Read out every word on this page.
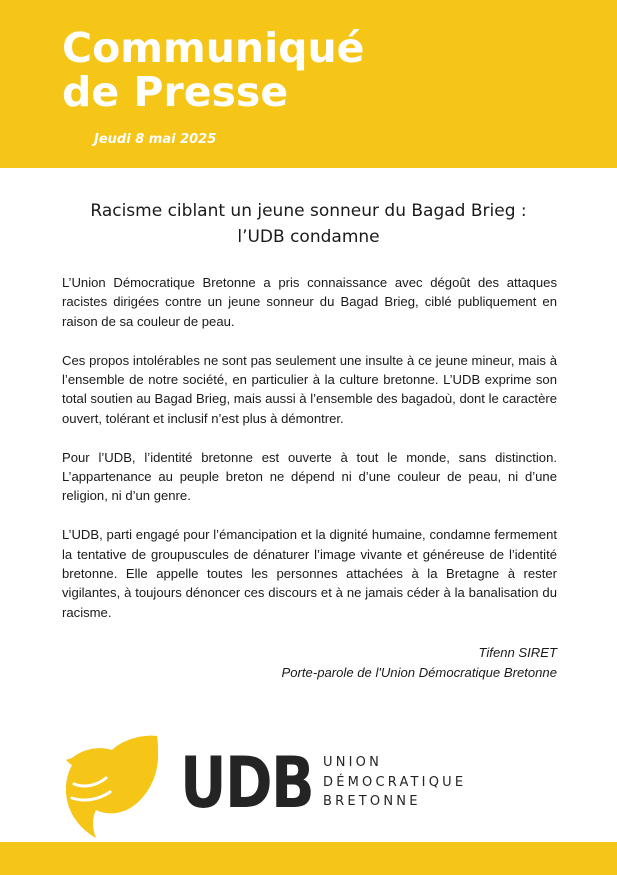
Communiqué
de Presse
Jeudi 8 mai 2025
Racisme ciblant un jeune sonneur du Bagad Brieg :
l’UDB condamne

L’Union Démocratique Bretonne a pris connaissance avec dégoût des attaques racistes dirigées contre un jeune sonneur du Bagad Brieg, ciblé publiquement en raison de sa couleur de peau.

Ces propos intolérables ne sont pas seulement une insulte à ce jeune mineur, mais à l’ensemble de notre société, en particulier à la culture bretonne. L’UDB exprime son total soutien au Bagad Brieg, mais aussi à l’ensemble des bagadoù, dont le caractère ouvert, tolérant et inclusif n’est plus à démontrer.

Pour l’UDB, l’identité bretonne est ouverte à tout le monde, sans distinction. L’appartenance au peuple breton ne dépend ni d’une couleur de peau, ni d’une religion, ni d’un genre.

L’UDB, parti engagé pour l’émancipation et la dignité humaine, condamne fermement la tentative de groupuscules de dénaturer l’image vivante et généreuse de l’identité bretonne. Elle appelle toutes les personnes attachées à la Bretagne à rester vigilantes, à toujours dénoncer ces discours et à ne jamais céder à la banalisation du racisme.

Tifenn SIRET
Porte-parole de l'Union Démocratique Bretonne
UDB UNION
DÉMOCRATIQUE
BRETONNE
